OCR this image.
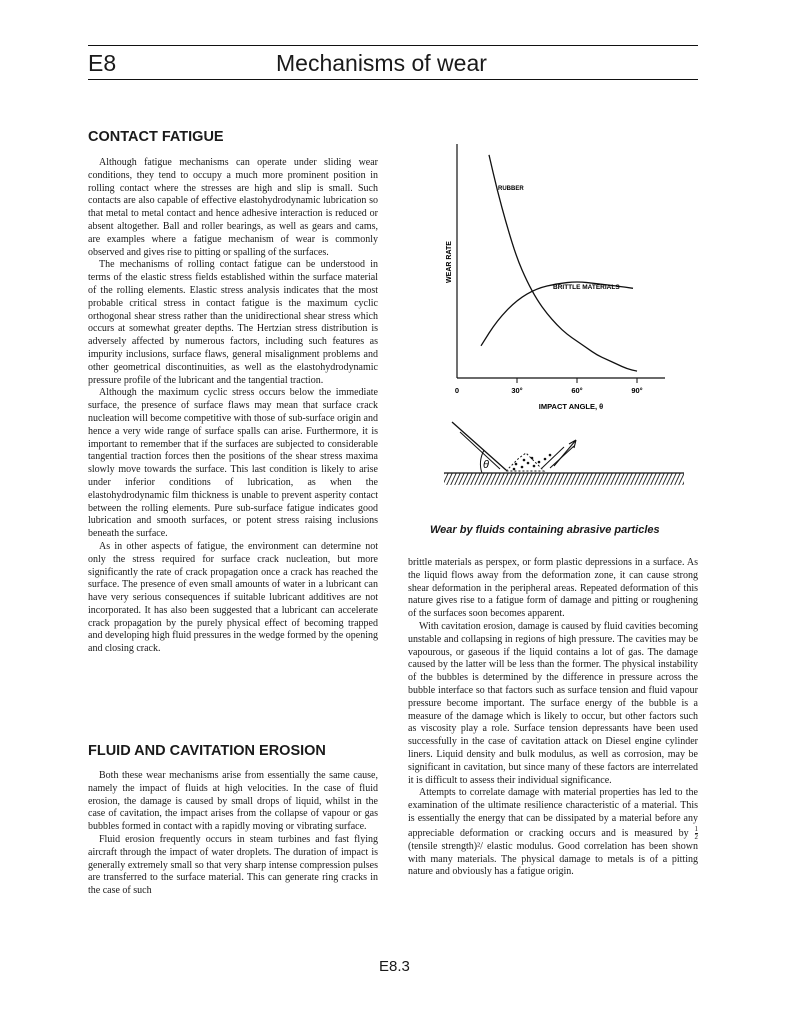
E8	Mechanisms of wear
CONTACT FATIGUE

Although fatigue mechanisms can operate under sliding wear conditions, they tend to occupy a much more prominent position in rolling contact where the stresses are high and slip is small. Such contacts are also capable of effective elastohydrodynamic lubrication so that metal to metal contact and hence adhesive interaction is reduced or absent altogether. Ball and roller bearings, as well as gears and cams, are examples where a fatigue mechanism of wear is commonly observed and gives rise to pitting or spalling of the surfaces.

The mechanisms of rolling contact fatigue can be understood in terms of the elastic stress fields established within the surface material of the rolling elements. Elastic stress analysis indicates that the most probable critical stress in contact fatigue is the maximum cyclic orthogonal shear stress rather than the unidirectional shear stress which occurs at somewhat greater depths. The Hertzian stress distribution is adversely affected by numerous factors, including such features as impurity inclusions, surface flaws, general misalignment problems and other geometrical discontinuities, as well as the elastohydrodynamic pressure profile of the lubricant and the tangential traction.

Although the maximum cyclic stress occurs below the immediate surface, the presence of surface flaws may mean that surface crack nucleation will become competitive with those of sub-surface origin and hence a very wide range of surface spalls can arise. Furthermore, it is important to remember that if the surfaces are subjected to considerable tangential traction forces then the positions of the shear stress maxima slowly move towards the surface. This last condition is likely to arise under inferior conditions of lubrication, as when the elastohydrodynamic film thickness is unable to prevent asperity contact between the rolling elements. Pure sub-surface fatigue indicates good lubrication and smooth surfaces, or potent stress raising inclusions beneath the surface.

As in other aspects of fatigue, the environment can determine not only the stress required for surface crack nucleation, but more significantly the rate of crack propagation once a crack has reached the surface. The presence of even small amounts of water in a lubricant can have very serious consequences if suitable lubricant additives are not incorporated. It has also been suggested that a lubricant can accelerate crack propagation by the purely physical effect of becoming trapped and developing high fluid pressures in the wedge formed by the opening and closing crack.

FLUID AND CAVITATION EROSION

Both these wear mechanisms arise from essentially the same cause, namely the impact of fluids at high velocities. In the case of fluid erosion, the damage is caused by small drops of liquid, whilst in the case of cavitation, the impact arises from the collapse of vapour or gas bubbles formed in contact with a rapidly moving or vibrating surface.

Fluid erosion frequently occurs in steam turbines and fast flying aircraft through the impact of water droplets. The duration of impact is generally extremely small so that very sharp intense compression pulses are transferred to the surface material. This can generate ring cracks in the case of such

0	30°	60°	90°
RUBBER
BRITTLE MATERIALS
WEAR RATE
IMPACT ANGLE, θ
θ
Wear by fluids containing abrasive particles

brittle materials as perspex, or form plastic depressions in a surface. As the liquid flows away from the deformation zone, it can cause strong shear deformation in the peripheral areas. Repeated deformation of this nature gives rise to a fatigue form of damage and pitting or roughening of the surfaces soon becomes apparent.

With cavitation erosion, damage is caused by fluid cavities becoming unstable and collapsing in regions of high pressure. The cavities may be vapourous, or gaseous if the liquid contains a lot of gas. The damage caused by the latter will be less than the former. The physical instability of the bubbles is determined by the difference in pressure across the bubble interface so that factors such as surface tension and fluid vapour pressure become important. The surface energy of the bubble is a measure of the damage which is likely to occur, but other factors such as viscosity play a role. Surface tension depressants have been used successfully in the case of cavitation attack on Diesel engine cylinder liners. Liquid density and bulk modulus, as well as corrosion, may be significant in cavitation, but since many of these factors are interrelated it is difficult to assess their individual significance.

Attempts to correlate damage with material properties has led to the examination of the ultimate resilience characteristic of a material. This is essentially the energy that can be dissipated by a material before any appreciable deformation or cracking occurs and is measured by $\frac{1}{2}$
(tensile strength)²/ elastic modulus. Good correlation has been shown with many materials. The physical damage to metals is of a pitting nature and obviously has a fatigue origin.

E8.3
